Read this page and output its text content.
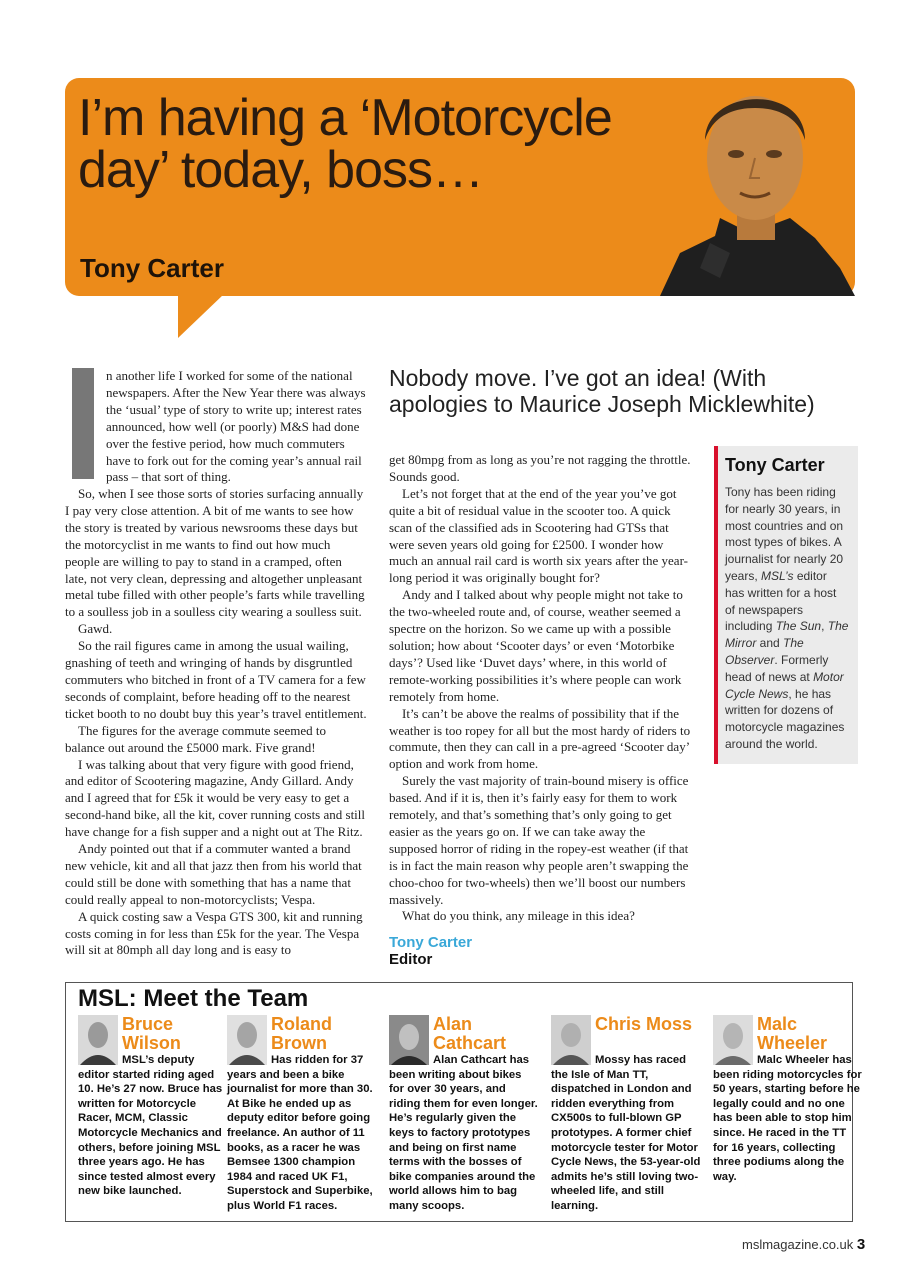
I’m having a ‘Motorcycle day’ today, boss…
Tony Carter

n another life I worked for some of the national newspapers. After the New Year there was always the ‘usual’ type of story to write up; interest rates announced, how well (or poorly) M&S had done over the festive period, how much commuters have to fork out for the coming year’s annual rail pass – that sort of thing.

So, when I see those sorts of stories surfacing annually I pay very close attention. A bit of me wants to see how the story is treated by various newsrooms these days but the motorcyclist in me wants to find out how much people are willing to pay to stand in a cramped, often late, not very clean, depressing and altogether unpleasant metal tube filled with other people’s farts while travelling to a soulless job in a soulless city wearing a soulless suit.

Gawd.

So the rail figures came in among the usual wailing, gnashing of teeth and wringing of hands by disgruntled commuters who bitched in front of a TV camera for a few seconds of complaint, before heading off to the nearest ticket booth to no doubt buy this year’s travel entitlement.

The figures for the average commute seemed to balance out around the £5000 mark. Five grand!

I was talking about that very figure with good friend, and editor of Scootering magazine, Andy Gillard. Andy and I agreed that for £5k it would be very easy to get a second-hand bike, all the kit, cover running costs and still have change for a fish supper and a night out at The Ritz.

Andy pointed out that if a commuter wanted a brand new vehicle, kit and all that jazz then from his world that could still be done with something that has a name that could really appeal to non-motorcyclists; Vespa.

A quick costing saw a Vespa GTS 300, kit and running costs coming in for less than £5k for the year. The Vespa will sit at 80mph all day long and is easy to

Nobody move. I’ve got an idea! (With apologies to Maurice Joseph Micklewhite)

get 80mpg from as long as you’re not ragging the throttle. Sounds good.

Let’s not forget that at the end of the year you’ve got quite a bit of residual value in the scooter too. A quick scan of the classified ads in Scootering had GTSs that were seven years old going for £2500. I wonder how much an annual rail card is worth six years after the year-long period it was originally bought for?

Andy and I talked about why people might not take to the two-wheeled route and, of course, weather seemed a spectre on the horizon. So we came up with a possible solution; how about ‘Scooter days’ or even ‘Motorbike days’? Used like ‘Duvet days’ where, in this world of remote-working possibilities it’s where people can work remotely from home.

It’s can’t be above the realms of possibility that if the weather is too ropey for all but the most hardy of riders to commute, then they can call in a pre-agreed ‘Scooter day’ option and work from home.

Surely the vast majority of train-bound misery is office based. And if it is, then it’s fairly easy for them to work remotely, and that’s something that’s only going to get easier as the years go on. If we can take away the supposed horror of riding in the ropey-est weather (if that is in fact the main reason why people aren’t swapping the choo-choo for two-wheels) then we’ll boost our numbers massively.

What do you think, any mileage in this idea?

Tony Carter
Editor
Tony Carter
Tony has been riding for nearly 30 years, in most countries and on most types of bikes. A journalist for nearly 20 years, MSL’s editor has written for a host of newspapers including The Sun, The Mirror and The Observer. Formerly head of news at Motor Cycle News, he has written for dozens of motorcycle magazines around the world.
MSL: Meet the Team
Bruce Wilson
MSL’s deputy editor started riding aged 10. He’s 27 now. Bruce has written for Motorcycle Racer, MCM, Classic Motorcycle Mechanics and others, before joining MSL three years ago. He has since tested almost every new bike launched.
Roland Brown
Has ridden for 37 years and been a bike journalist for more than 30. At Bike he ended up as deputy editor before going freelance. An author of 11 books, as a racer he was Bemsee 1300 champion 1984 and raced UK F1, Superstock and Superbike, plus World F1 races.
Alan Cathcart
Alan Cathcart has been writing about bikes for over 30 years, and riding them for even longer. He’s regularly given the keys to factory prototypes and being on first name terms with the bosses of bike companies around the world allows him to bag many scoops.
Chris Moss
Mossy has raced the Isle of Man TT, dispatched in London and ridden everything from CX500s to full-blown GP prototypes. A former chief motorcycle tester for Motor Cycle News, the 53-year-old admits he’s still loving two-wheeled life, and still learning.
Malc Wheeler
Malc Wheeler has been riding motorcycles for 50 years, starting before he legally could and no one has been able to stop him since. He raced in the TT for 16 years, collecting three podiums along the way.
mslmagazine.co.uk 3
